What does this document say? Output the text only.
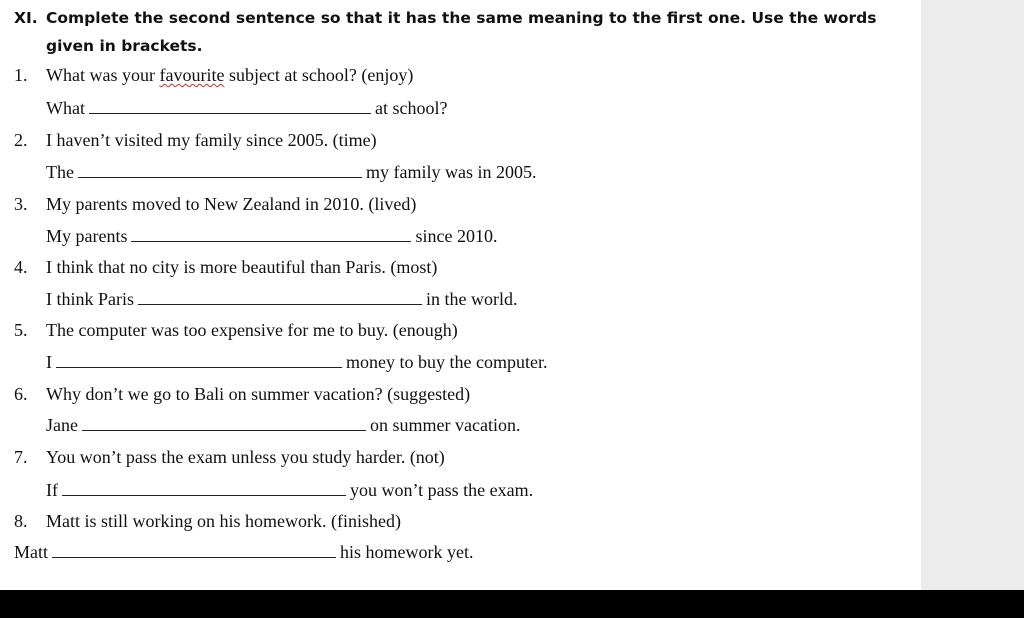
XI. Complete the second sentence so that it has the same meaning to the first one. Use the words
given in brackets.
1. What was your favourite subject at school? (enjoy)
What	at school?
2. I haven’t visited my family since 2005. (time)
The	my family was in 2005.
3. My parents moved to New Zealand in 2010. (lived)
My parents	since 2010.
4. I think that no city is more beautiful than Paris. (most)
I think Paris	in the world.
5. The computer was too expensive for me to buy. (enough)
I	money to buy the computer.
6. Why don’t we go to Bali on summer vacation? (suggested)
Jane	on summer vacation.
7. You won’t pass the exam unless you study harder. (not)
If	you won’t pass the exam.
8. Matt is still working on his homework. (finished)
Matt	his homework yet.
